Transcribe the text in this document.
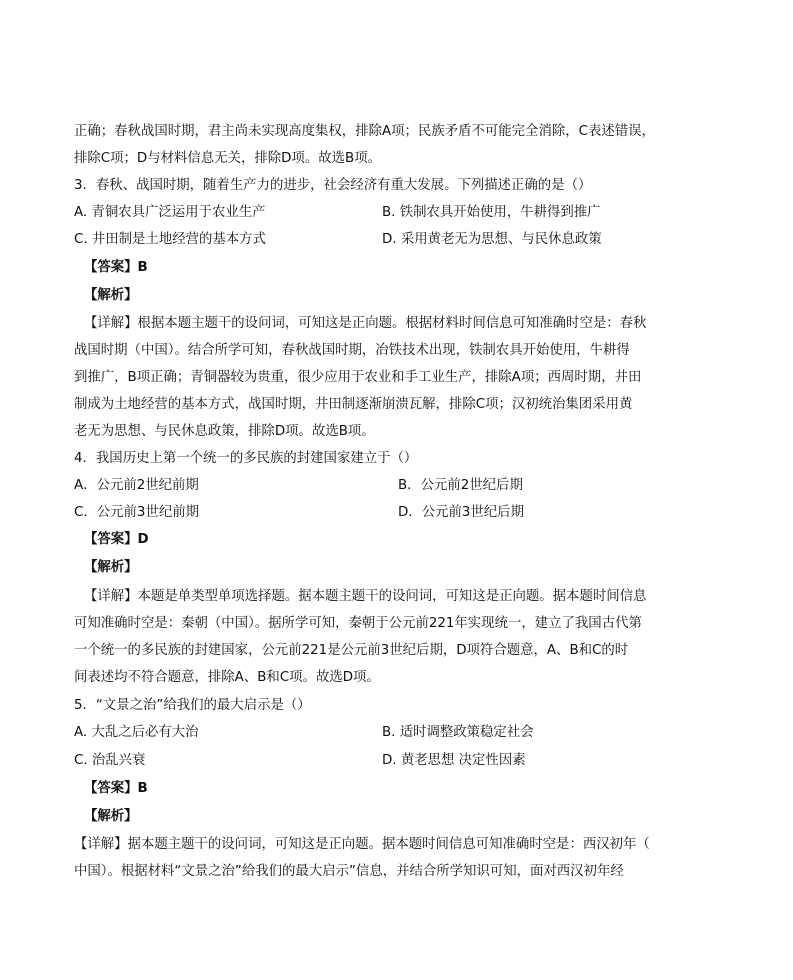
正确；春秋战国时期，君主尚未实现高度集权，排除A项；民族矛盾不可能完全消除，C表述错误，
排除C项；D与材料信息无关，排除D项。故选B项。
3．春秋、战国时期，随着生产力的进步，社会经济有重大发展。下列描述正确的是（）
A. 青铜农具广泛运用于农业生产	B. 铁制农具开始使用，牛耕得到推广
C. 井田制是土地经营的基本方式	D. 采用黄老无为思想、与民休息政策
【答案】B
【解析】
【详解】根据本题主题干的设问词，可知这是正向题。根据材料时间信息可知准确时空是：春秋
战国时期（中国）。结合所学可知，春秋战国时期，冶铁技术出现，铁制农具开始使用，牛耕得
到推广，B项正确；青铜器较为贵重，很少应用于农业和手工业生产，排除A项；西周时期，井田
制成为土地经营的基本方式，战国时期，井田制逐渐崩溃瓦解，排除C项；汉初统治集团采用黄
老无为思想、与民休息政策，排除D项。故选B项。
4．我国历史上第一个统一的多民族的封建国家建立于（）
A．公元前2世纪前期	B．公元前2世纪后期
C．公元前3世纪前期	D．公元前3世纪后期
【答案】D
【解析】
【详解】本题是单类型单项选择题。据本题主题干的设问词，可知这是正向题。据本题时间信息
可知准确时空是：秦朝（中国）。据所学可知，秦朝于公元前221年实现统一，建立了我国古代第
一个统一的多民族的封建国家，公元前221是公元前3世纪后期，D项符合题意，A、B和C的时
间表述均不符合题意，排除A、B和C项。故选D项。
5．“文景之治”给我们的最大启示是（）
A. 大乱之后必有大治	B. 适时调整政策稳定社会
C. 治乱兴衰	D. 黄老思想 决定性因素
【答案】B
【解析】
【详解】据本题主题干的设问词，可知这是正向题。据本题时间信息可知准确时空是：西汉初年（
中国）。根据材料“文景之治”给我们的最大启示”信息，并结合所学知识可知，面对西汉初年经
